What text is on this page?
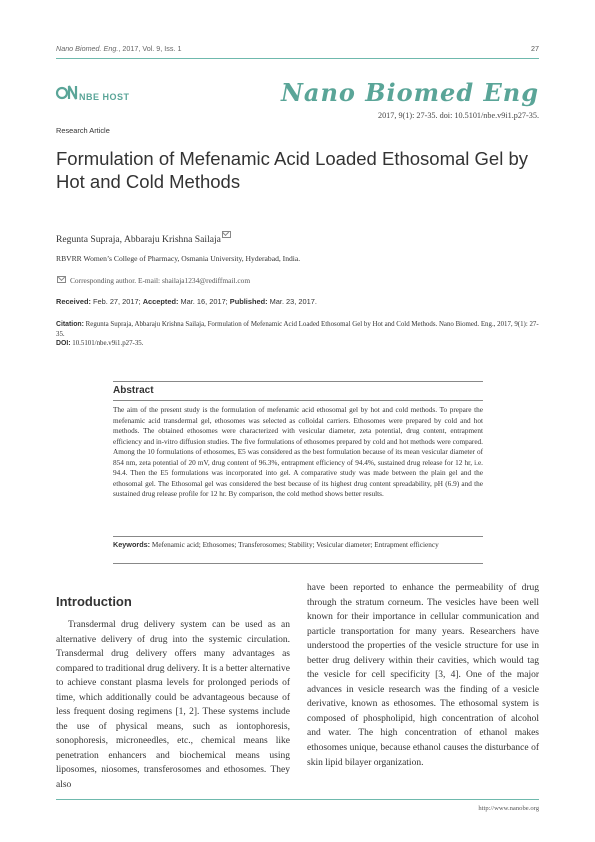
Nano Biomed. Eng., 2017, Vol. 9, Iss. 1	27
NBE HOST	Nano Biomed Eng
2017, 9(1): 27-35. doi: 10.5101/nbe.v9i1.p27-35.
Research Article
Formulation of Mefenamic Acid Loaded Ethosomal Gel by Hot and Cold Methods
Regunta Supraja, Abbaraju Krishna Sailaja
RBVRR Women’s College of Pharmacy, Osmania University, Hyderabad, India.
Corresponding author. E-mail: shailaja1234@rediffmail.com
Received: Feb. 27, 2017; Accepted: Mar. 16, 2017; Published: Mar. 23, 2017.
Citation: Regunta Supraja, Abbaraju Krishna Sailaja, Formulation of Mefenamic Acid Loaded Ethosomal Gel by Hot and Cold Methods. Nano Biomed. Eng., 2017, 9(1): 27-35.
DOI: 10.5101/nbe.v9i1.p27-35.
Abstract
The aim of the present study is the formulation of mefenamic acid ethosomal gel by hot and cold methods. To prepare the mefenamic acid transdermal gel, ethosomes was selected as colloidal carriers. Ethosomes were prepared by cold and hot methods. The obtained ethosomes were characterized with vesicular diameter, zeta potential, drug content, entrapment efficiency and in-vitro diffusion studies. The five formulations of ethosomes prepared by cold and hot methods were compared. Among the 10 formulations of ethosomes, E5 was considered as the best formulation because of its mean vesicular diameter of 854 nm, zeta potential of 20 mV, drug content of 96.3%, entrapment efficiency of 94.4%, sustained drug release for 12 hr, i.e. 94.4. Then the E5 formulations was incorporated into gel. A comparative study was made between the plain gel and the ethosomal gel. The Ethosomal gel was considered the best because of its highest drug content spreadability, pH (6.9) and the sustained drug release profile for 12 hr. By comparison, the cold method shows better results.
Keywords: Mefenamic acid; Ethosomes; Transferosomes; Stability; Vesicular diameter; Entrapment efficiency
Introduction
Transdermal drug delivery system can be used as an alternative delivery of drug into the systemic circulation. Transdermal drug delivery offers many advantages as compared to traditional drug delivery. It is a better alternative to achieve constant plasma levels for prolonged periods of time, which additionally could be advantageous because of less frequent dosing regimens [1, 2]. These systems include the use of physical means, such as iontophoresis, sonophoresis, microneedles, etc., chemical means like penetration enhancers and biochemical means using liposomes, niosomes, transferosomes and ethosomes. They also
have been reported to enhance the permeability of drug through the stratum corneum. The vesicles have been well known for their importance in cellular communication and particle transportation for many years. Researchers have understood the properties of the vesicle structure for use in better drug delivery within their cavities, which would tag the vesicle for cell specificity [3, 4]. One of the major advances in vesicle research was the finding of a vesicle derivative, known as ethosomes. The ethosomal system is composed of phospholipid, high concentration of alcohol and water. The high concentration of ethanol makes ethosomes unique, because ethanol causes the disturbance of skin lipid bilayer organization.
http://www.nanobe.org
